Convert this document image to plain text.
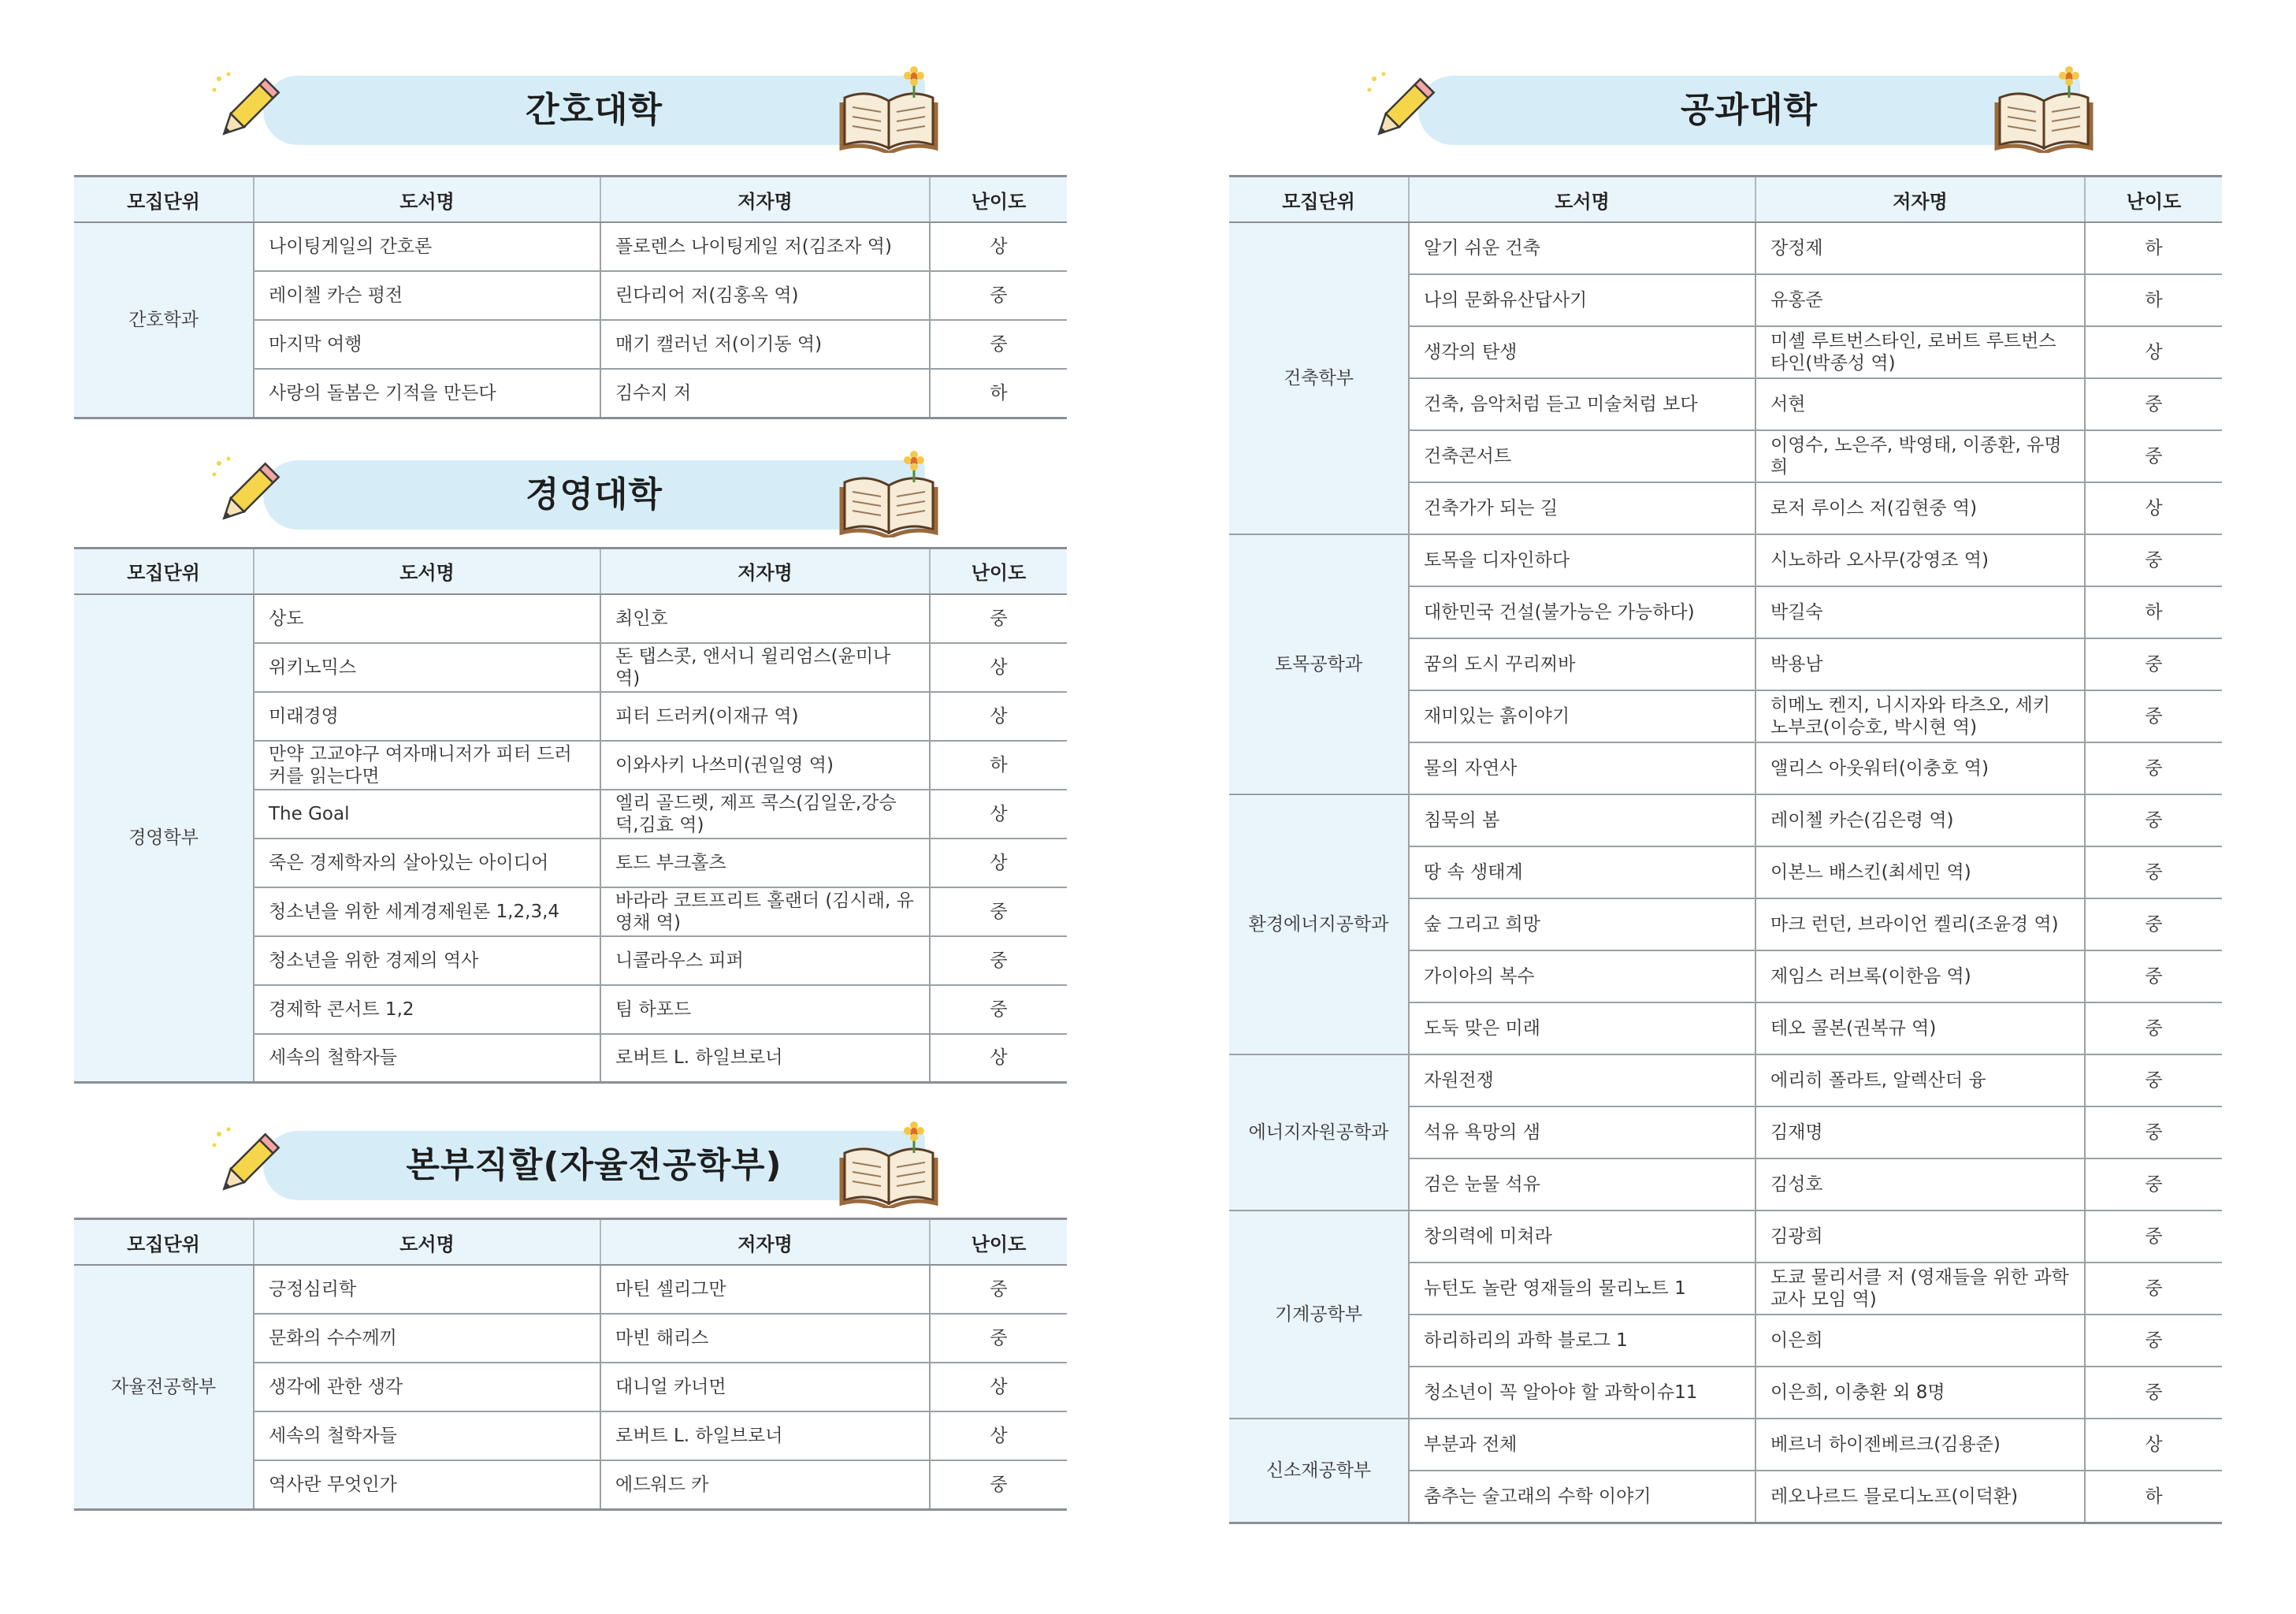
간호대학
모집단위	도서명	저자명	난이도
간호학과	나이팅게일의 간호론	플로렌스 나이팅게일 저(김조자 역)	상
	레이첼 카슨 평전	린다리어 저(김홍옥 역)	중
	마지막 여행	매기 캘러넌 저(이기동 역)	중
	사랑의 돌봄은 기적을 만든다	김수지 저	하
경영대학
모집단위	도서명	저자명	난이도
경영학부	상도	최인호	중
	위키노믹스	돈 탭스콧, 앤서니 윌리엄스(윤미나 역)	상
	미래경영	피터 드러커(이재규 역)	상
	만약 고교야구 여자매니저가 피터 드러커를 읽는다면	이와사키 나쓰미(권일영 역)	하
	The Goal	엘리 골드렛, 제프 콕스(김일운,강승덕,김효 역)	상
	죽은 경제학자의 살아있는 아이디어	토드 부크홀츠	상
	청소년을 위한 세계경제원론 1,2,3,4	바라라 코트프리트 홀랜더 (김시래, 유영채 역)	중
	청소년을 위한 경제의 역사	니콜라우스 피퍼	중
	경제학 콘서트 1,2	팀 하포드	중
	세속의 철학자들	로버트 L. 하일브로너	상
본부직할(자율전공학부)
모집단위	도서명	저자명	난이도
자율전공학부	긍정심리학	마틴 셀리그만	중
	문화의 수수께끼	마빈 해리스	중
	생각에 관한 생각	대니얼 카너먼	상
	세속의 철학자들	로버트 L. 하일브로너	상
	역사란 무엇인가	에드워드 카	중
공과대학
모집단위	도서명	저자명	난이도
건축학부	알기 쉬운 건축	장정제	하
	나의 문화유산답사기	유홍준	하
	생각의 탄생	미셸 루트번스타인, 로버트 루트번스타인(박종성 역)	상
	건축, 음악처럼 듣고 미술처럼 보다	서현	중
	건축콘서트	이영수, 노은주, 박영태, 이종환, 유명희	중
	건축가가 되는 길	로저 루이스 저(김현중 역)	상
토목공학과	토목을 디자인하다	시노하라 오사무(강영조 역)	중
	대한민국 건설(불가능은 가능하다)	박길숙	하
	꿈의 도시 꾸리찌바	박용남	중
	재미있는 흙이야기	히메노 켄지, 니시자와 타츠오, 세키 노부코(이승호, 박시현 역)	중
	물의 자연사	앨리스 아웃워터(이충호 역)	중
환경에너지공학과	침묵의 봄	레이첼 카슨(김은령 역)	중
	땅 속 생태계	이본느 배스킨(최세민 역)	중
	숲 그리고 희망	마크 런던, 브라이언 켈리(조윤경 역)	중
	가이아의 복수	제임스 러브록(이한음 역)	중
	도둑 맞은 미래	테오 콜본(권복규 역)	중
에너지자원공학과	자원전쟁	에리히 폴라트, 알렉산더 융	중
	석유 욕망의 샘	김재명	중
	검은 눈물 석유	김성호	중
기계공학부	창의력에 미쳐라	김광희	중
	뉴턴도 놀란 영재들의 물리노트 1	도쿄 물리서클 저 (영재들을 위한 과학교사 모임 역)	중
	하리하리의 과학 블로그 1	이은희	중
	청소년이 꼭 알아야 할 과학이슈11	이은희, 이충환 외 8명	중
신소재공학부	부분과 전체	베르너 하이젠베르크(김용준)	상
	춤추는 술고래의 수학 이야기	레오나르드 믈로디노프(이덕환)	하
